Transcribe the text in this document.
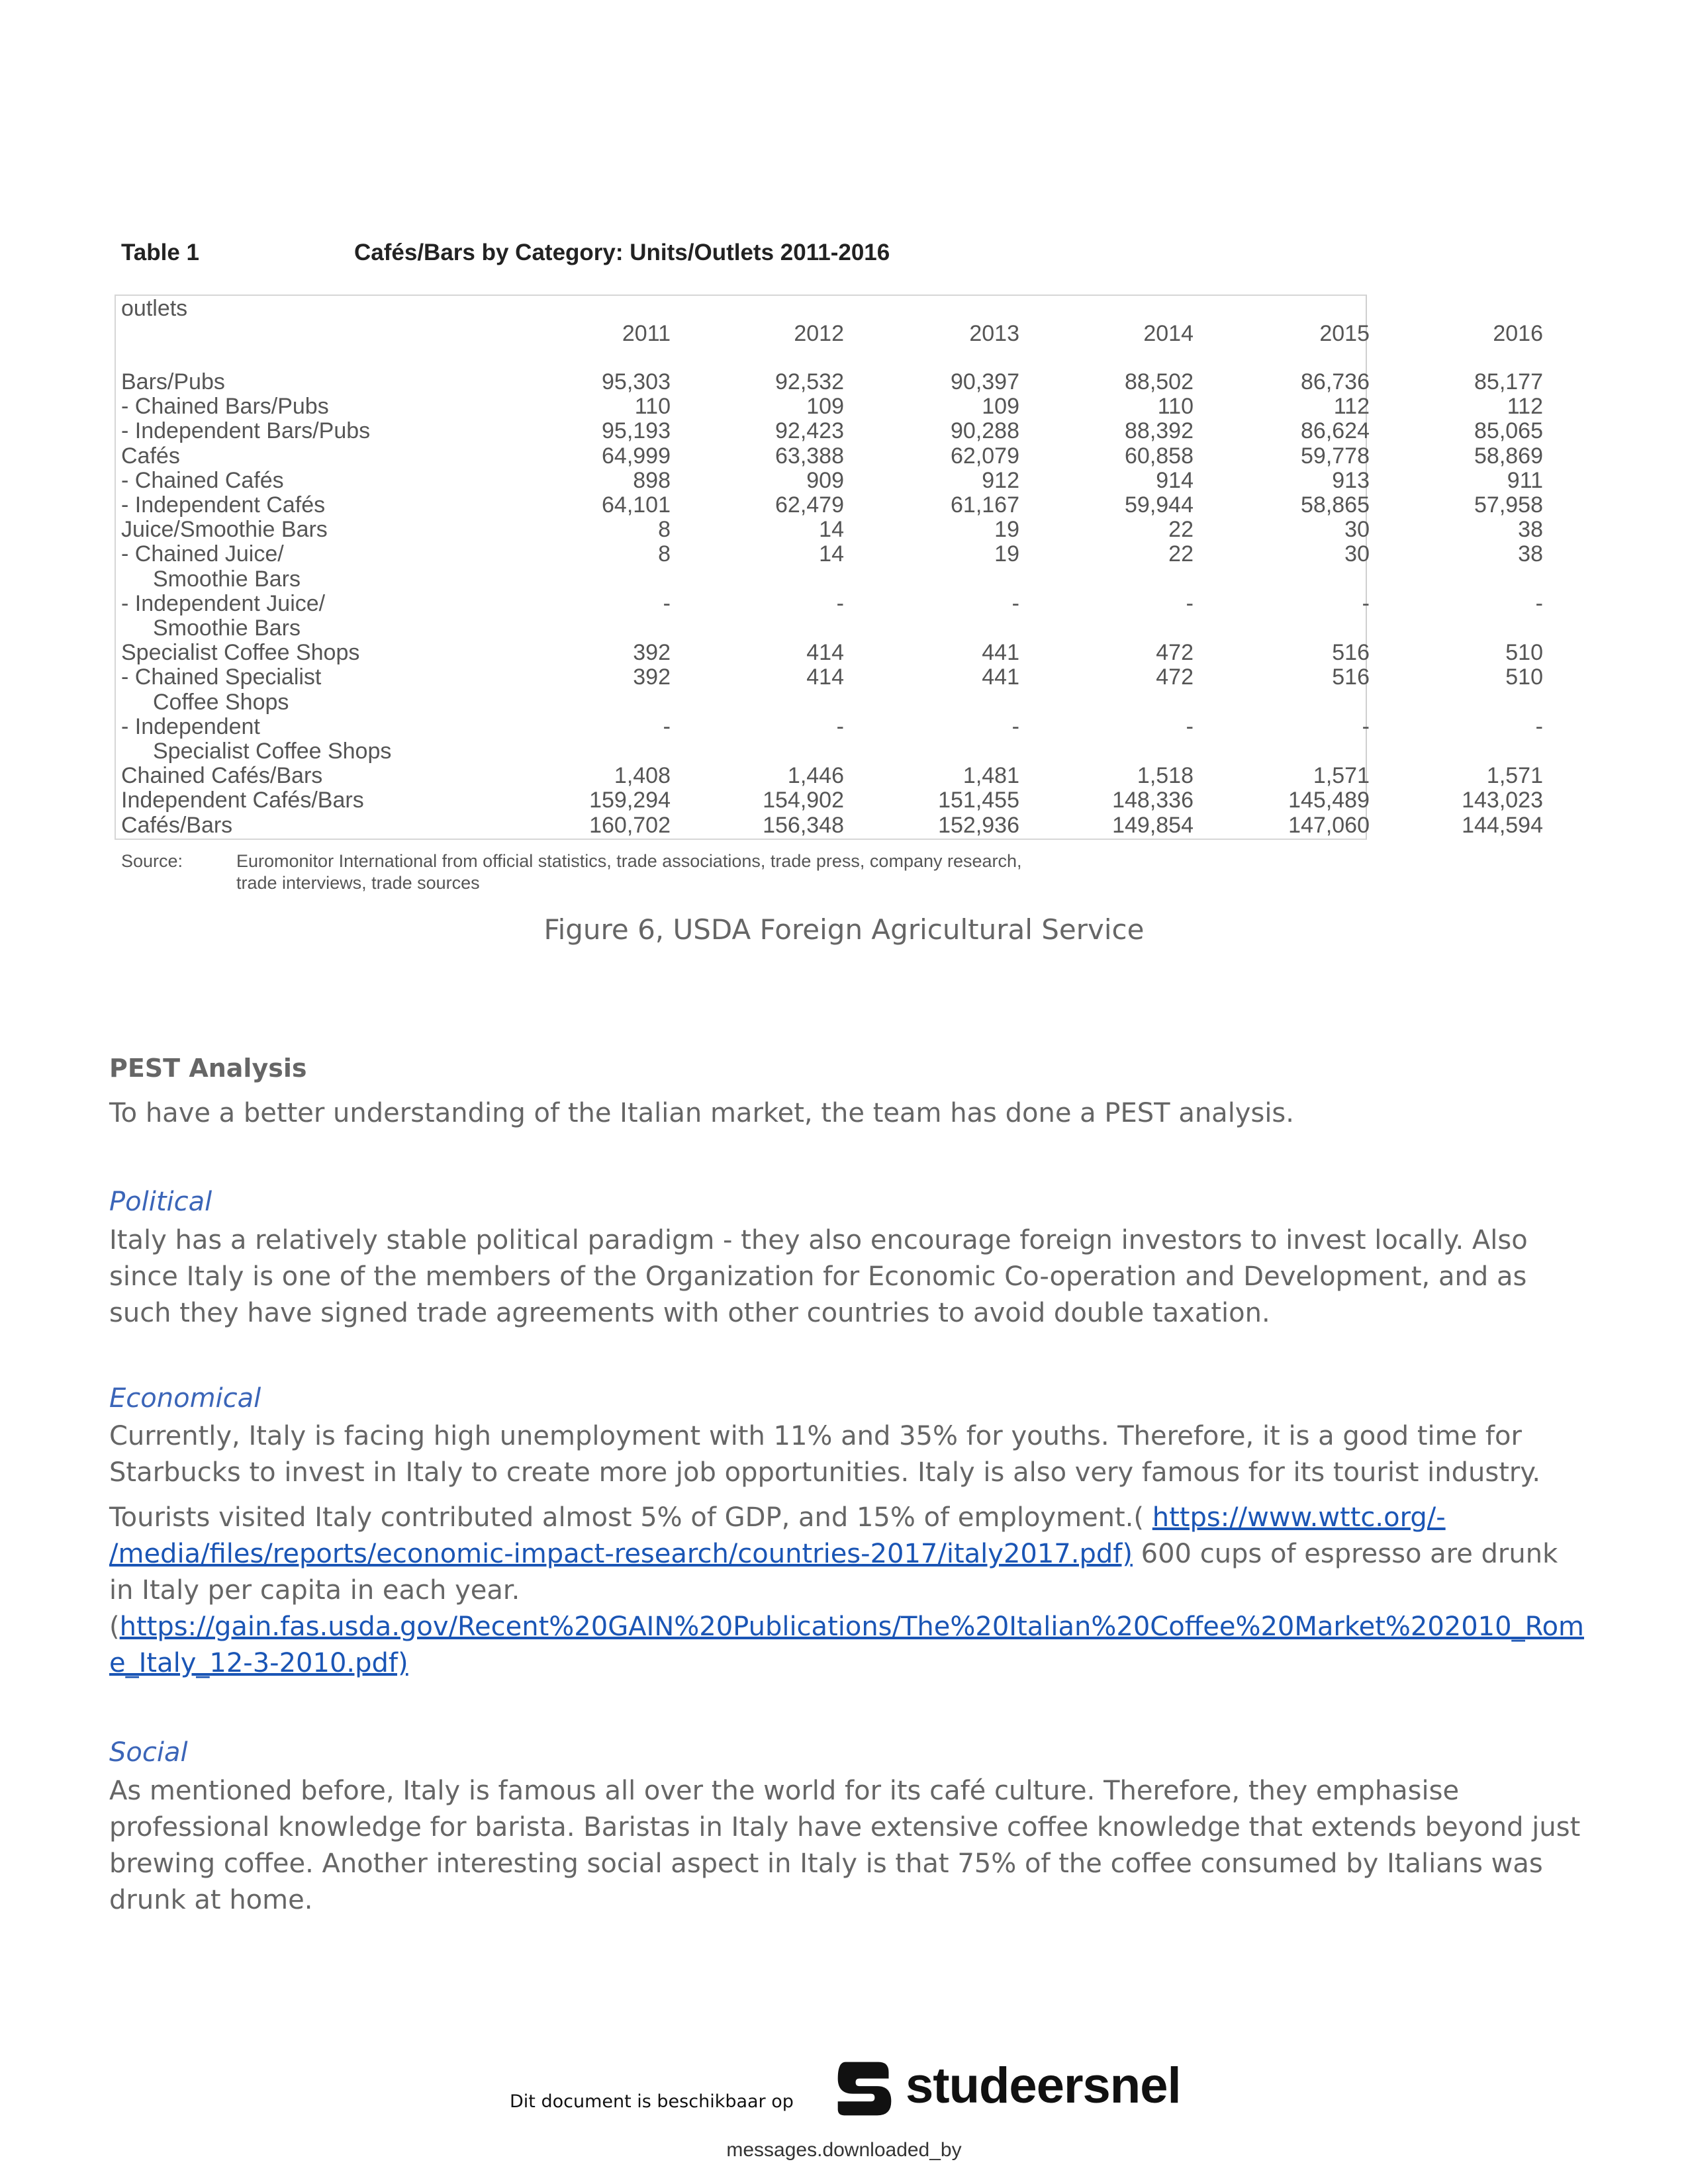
Table 1	Cafés/Bars by Category: Units/Outlets 2011-2016
outlets
2011	2012	2013	2014	2015	2016
Bars/Pubs	95,303	92,532	90,397	88,502	86,736	85,177
- Chained Bars/Pubs	110	109	109	110	112	112
- Independent Bars/Pubs	95,193	92,423	90,288	88,392	86,624	85,065
Cafés	64,999	63,388	62,079	60,858	59,778	58,869
- Chained Cafés	898	909	912	914	913	911
- Independent Cafés	64,101	62,479	61,167	59,944	58,865	57,958
Juice/Smoothie Bars	8	14	19	22	30	38
- Chained Juice/	8	14	19	22	30	38
Smoothie Bars
- Independent Juice/	-	-	-	-	-	-
Smoothie Bars
Specialist Coffee Shops	392	414	441	472	516	510
- Chained Specialist	392	414	441	472	516	510
Coffee Shops
- Independent	-	-	-	-	-	-
Specialist Coffee Shops
Chained Cafés/Bars	1,408	1,446	1,481	1,518	1,571	1,571
Independent Cafés/Bars	159,294	154,902	151,455	148,336	145,489	143,023
Cafés/Bars	160,702	156,348	152,936	149,854	147,060	144,594
Source:	Euromonitor International from official statistics, trade associations, trade press, company research,
trade interviews, trade sources
Figure 6, USDA Foreign Agricultural Service
PEST Analysis
To have a better understanding of the Italian market, the team has done a PEST analysis.
Political
Italy has a relatively stable political paradigm - they also encourage foreign investors to invest locally. Also
since Italy is one of the members of the Organization for Economic Co-operation and Development, and as
such they have signed trade agreements with other countries to avoid double taxation.
Economical
Currently, Italy is facing high unemployment with 11% and 35% for youths. Therefore, it is a good time for
Starbucks to invest in Italy to create more job opportunities. Italy is also very famous for its tourist industry.
Tourists visited Italy contributed almost 5% of GDP, and 15% of employment.( https://www.wttc.org/-
/media/files/reports/economic-impact-research/countries-2017/italy2017.pdf) 600 cups of espresso are drunk
in Italy per capita in each year.
(https://gain.fas.usda.gov/Recent%20GAIN%20Publications/The%20Italian%20Coffee%20Market%202010_Rom
e_Italy_12-3-2010.pdf)
Social
As mentioned before, Italy is famous all over the world for its café culture. Therefore, they emphasise
professional knowledge for barista. Baristas in Italy have extensive coffee knowledge that extends beyond just
brewing coffee. Another interesting social aspect in Italy is that 75% of the coffee consumed by Italians was
drunk at home.
Dit document is beschikbaar op studeersnel
messages.downloaded_by
